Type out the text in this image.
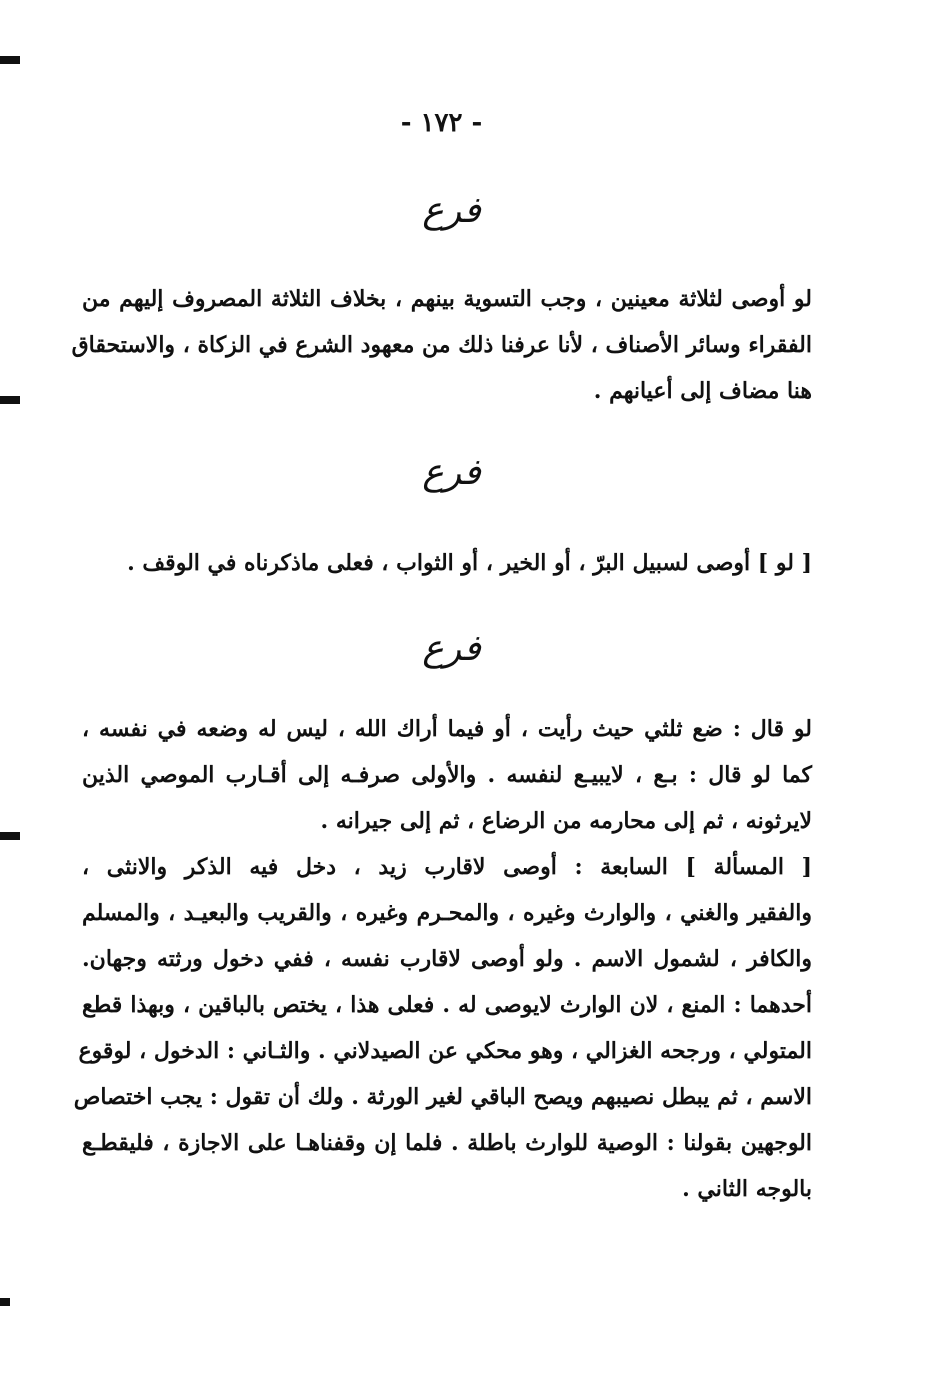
- ١٧٢ -
فرع
لو أوصى لثلاثة معينين ، وجب التسوية بينهم ، بخلاف الثلاثة المصروف إليهم من
الفقراء وسائر الأصناف ، لأنا عرفنا ذلك من معهود الشرع في الزكاة ، والاستحقاق
هنا مضاف إلى أعيانهم .
فرع
[ لو ] أوصى لسبيل البرّ ، أو الخير ، أو الثواب ، فعلى ماذكرناه في الوقف .
فرع
لو قال : ضع ثلثي حيث رأيت ، أو فيما أراك الله ، ليس له وضعه في نفسه ،
كما لو قال : بـع ، لايبيـع لنفسه . والأولى صرفـه إلى أقـارب الموصي الذين
لايرثونه ، ثم إلى محارمه من الرضاع ، ثم إلى جيرانه .
[ المسألة ] السابعة : أوصى لاقارب زيد ، دخل فيه الذكر والانثى ،
والفقير والغني ، والوارث وغيره ، والمحـرم وغيره ، والقريب والبعيـد ، والمسلم
والكافر ، لشمول الاسم . ولو أوصى لاقارب نفسه ، ففي دخول ورثته وجهان.
أحدهما : المنع ، لان الوارث لايوصى له . فعلى هذا ، يختص بالباقين ، وبهذا قطع
المتولي ، ورجحه الغزالي ، وهو محكي عن الصيدلاني . والثـاني : الدخول ، لوقوع
الاسم ، ثم يبطل نصيبهم ويصح الباقي لغير الورثة . ولك أن تقول : يجب اختصاص
الوجهين بقولنا : الوصية للوارث باطلة . فلما إن وقفناهـا على الاجازة ، فليقطـع
بالوجه الثاني .
